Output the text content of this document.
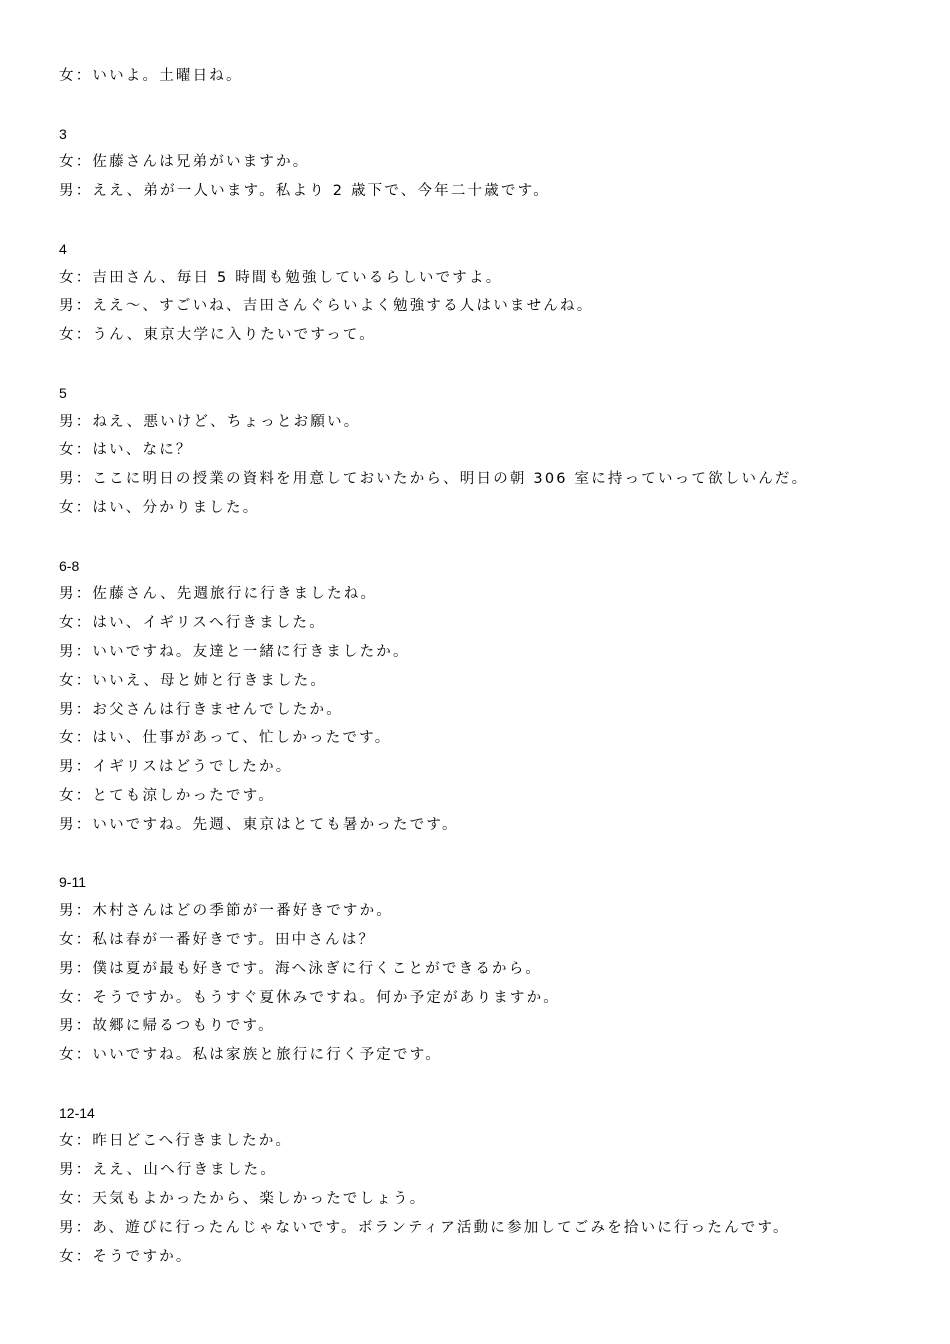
女：いいよ。土曜日ね。
3
女：佐藤さんは兄弟がいますか。
男：ええ、弟が一人います。私より 2 歳下で、今年二十歳です。
4
女：吉田さん、毎日 5 時間も勉強しているらしいですよ。
男：ええ～、すごいね、吉田さんぐらいよく勉強する人はいませんね。
女：うん、東京大学に入りたいですって。
5
男：ねえ、悪いけど、ちょっとお願い。
女：はい、なに？
男：ここに明日の授業の資料を用意しておいたから、明日の朝 306 室に持っていって欲しいんだ。
女：はい、分かりました。
6-8
男：佐藤さん、先週旅行に行きましたね。
女：はい、イギリスへ行きました。
男：いいですね。友達と一緒に行きましたか。
女：いいえ、母と姉と行きました。
男：お父さんは行きませんでしたか。
女：はい、仕事があって、忙しかったです。
男：イギリスはどうでしたか。
女：とても涼しかったです。
男：いいですね。先週、東京はとても暑かったです。
9-11
男：木村さんはどの季節が一番好きですか。
女：私は春が一番好きです。田中さんは？
男：僕は夏が最も好きです。海へ泳ぎに行くことができるから。
女：そうですか。もうすぐ夏休みですね。何か予定がありますか。
男：故郷に帰るつもりです。
女：いいですね。私は家族と旅行に行く予定です。
12-14
女：昨日どこへ行きましたか。
男：ええ、山へ行きました。
女：天気もよかったから、楽しかったでしょう。
男：あ、遊びに行ったんじゃないです。ボランティア活動に参加してごみを拾いに行ったんです。
女：そうですか。
